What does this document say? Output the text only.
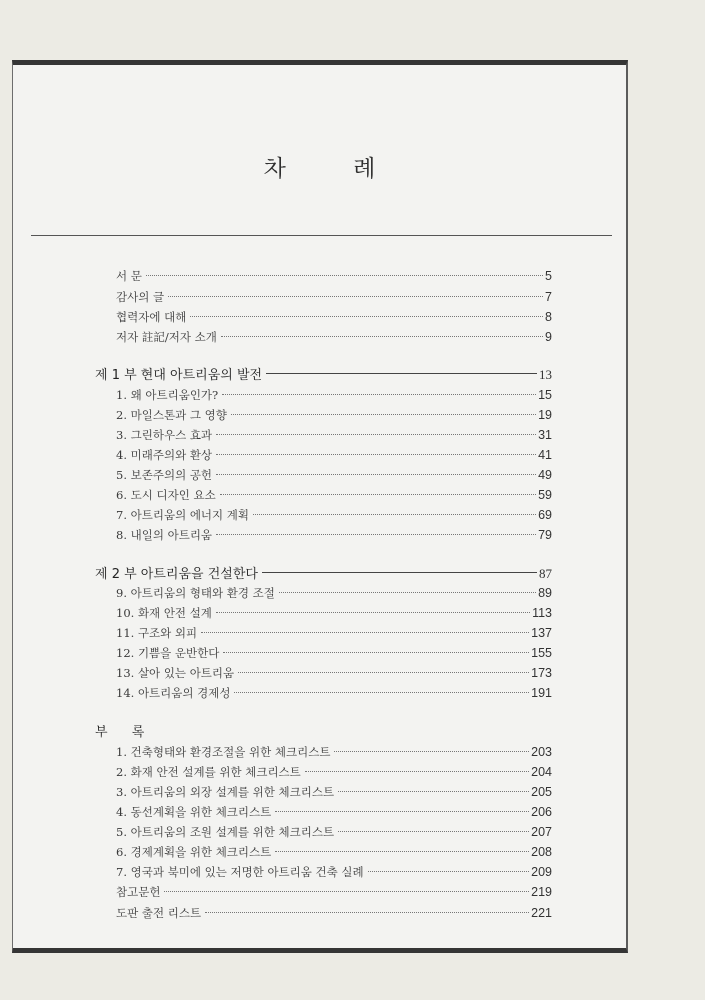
차 례
서 문	5
감사의 글	7
협력자에 대해	8
저자 註記/저자 소개	9
제 1 부 현대 아트리움의 발전	13
1. 왜 아트리움인가?	15
2. 마일스톤과 그 영향	19
3. 그린하우스 효과	31
4. 미래주의와 환상	41
5. 보존주의의 공헌	49
6. 도시 디자인 요소	59
7. 아트리움의 에너지 계획	69
8. 내일의 아트리움	79
제 2 부 아트리움을 건설한다	87
9. 아트리움의 형태와 환경 조절	89
10. 화재 안전 설계	113
11. 구조와 외피	137
12. 기쁨을 운반한다	155
13. 살아 있는 아트리움	173
14. 아트리움의 경제성	191
부 록
1. 건축형태와 환경조절을 위한 체크리스트	203
2. 화재 안전 설계를 위한 체크리스트	204
3. 아트리움의 외장 설계를 위한 체크리스트	205
4. 동선계획을 위한 체크리스트	206
5. 아트리움의 조원 설계를 위한 체크리스트	207
6. 경제계획을 위한 체크리스트	208
7. 영국과 북미에 있는 저명한 아트리움 건축 실례	209
참고문헌	219
도판 출전 리스트	221
